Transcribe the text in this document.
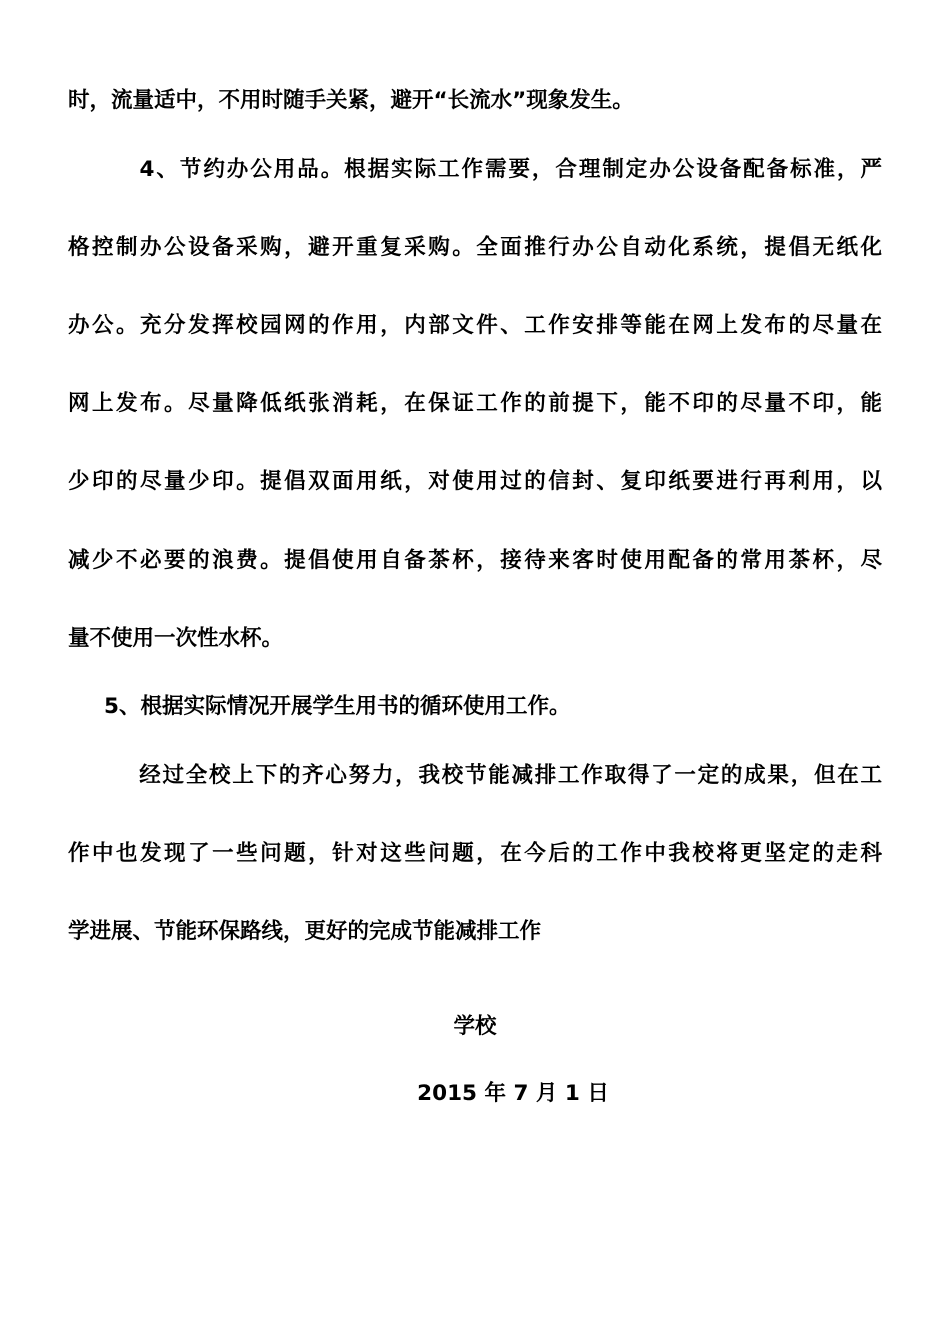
时，流量适中，不用时随手关紧，避开“长流水”现象发生。
　4、节约办公用品。根据实际工作需要，合理制定办公设备配备标准，严
格控制办公设备采购，避开重复采购。全面推行办公自动化系统，提倡无纸化
办公。充分发挥校园网的作用，内部文件、工作安排等能在网上发布的尽量在
网上发布。尽量降低纸张消耗，在保证工作的前提下，能不印的尽量不印，能
少印的尽量少印。提倡双面用纸，对使用过的信封、复印纸要进行再利用，以
减少不必要的浪费。提倡使用自备茶杯，接待来客时使用配备的常用茶杯，尽
量不使用一次性水杯。
5、根据实际情况开展学生用书的循环使用工作。
　经过全校上下的齐心努力，我校节能减排工作取得了一定的成果，但在工
作中也发现了一些问题，针对这些问题，在今后的工作中我校将更坚定的走科
学进展、节能环保路线，更好的完成节能减排工作
学校
2015 年 7 月 1 日
